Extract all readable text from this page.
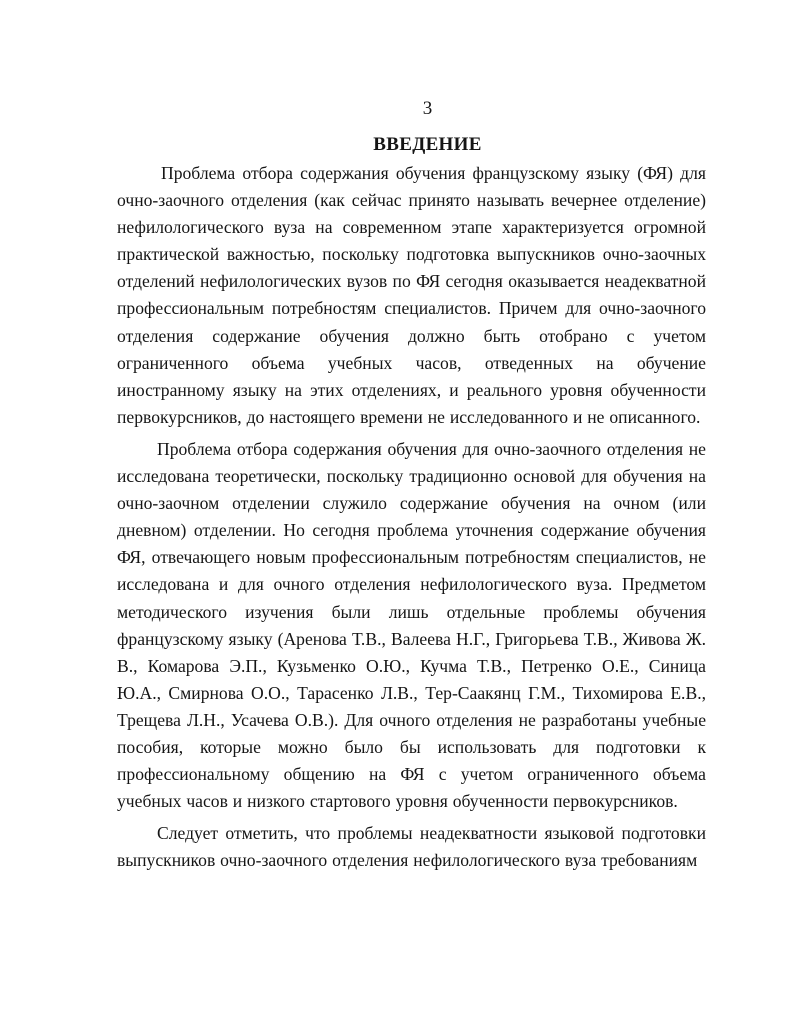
3
ВВЕДЕНИЕ

Проблема отбора содержания обучения французскому языку (ФЯ) для очно-заочного отделения (как сейчас принято называть вечернее отделение) нефилологического вуза на современном этапе характеризуется огромной практической важностью, поскольку подготовка выпускников очно-заочных отделений нефилологических вузов по ФЯ сегодня оказывается неадекватной профессиональным потребностям специалистов. Причем для очно-заочного отделения содержание обучения должно быть отобрано с учетом ограниченного объема учебных часов, отведенных на обучение иностранному языку на этих отделениях, и реального уровня обученности первокурсников, до настоящего времени не исследованного и не описанного.

Проблема отбора содержания обучения для очно-заочного отделения не исследована теоретически, поскольку традиционно основой для обучения на очно-заочном отделении служило содержание обучения на очном (или дневном) отделении. Но сегодня проблема уточнения содержание обучения ФЯ, отвечающего новым профессиональным потребностям специалистов, не исследована и для очного отделения нефилологического вуза. Предметом методического изучения были лишь отдельные проблемы обучения французскому языку (Аренова Т.В., Валеева Н.Г., Григорьева Т.В., Живова Ж. В., Комарова Э.П., Кузьменко О.Ю., Кучма Т.В., Петренко О.Е., Синица Ю.А., Смирнова О.О., Тарасенко Л.В., Тер-Саакянц Г.М., Тихомирова Е.В., Трещева Л.Н., Усачева О.В.). Для очного отделения не разработаны учебные пособия, которые можно было бы использовать для подготовки к профессиональному общению на ФЯ с учетом ограниченного объема учебных часов и низкого стартового уровня обученности первокурсников.

Следует отметить, что проблемы неадекватности языковой подготовки выпускников очно-заочного отделения нефилологического вуза требованиям
